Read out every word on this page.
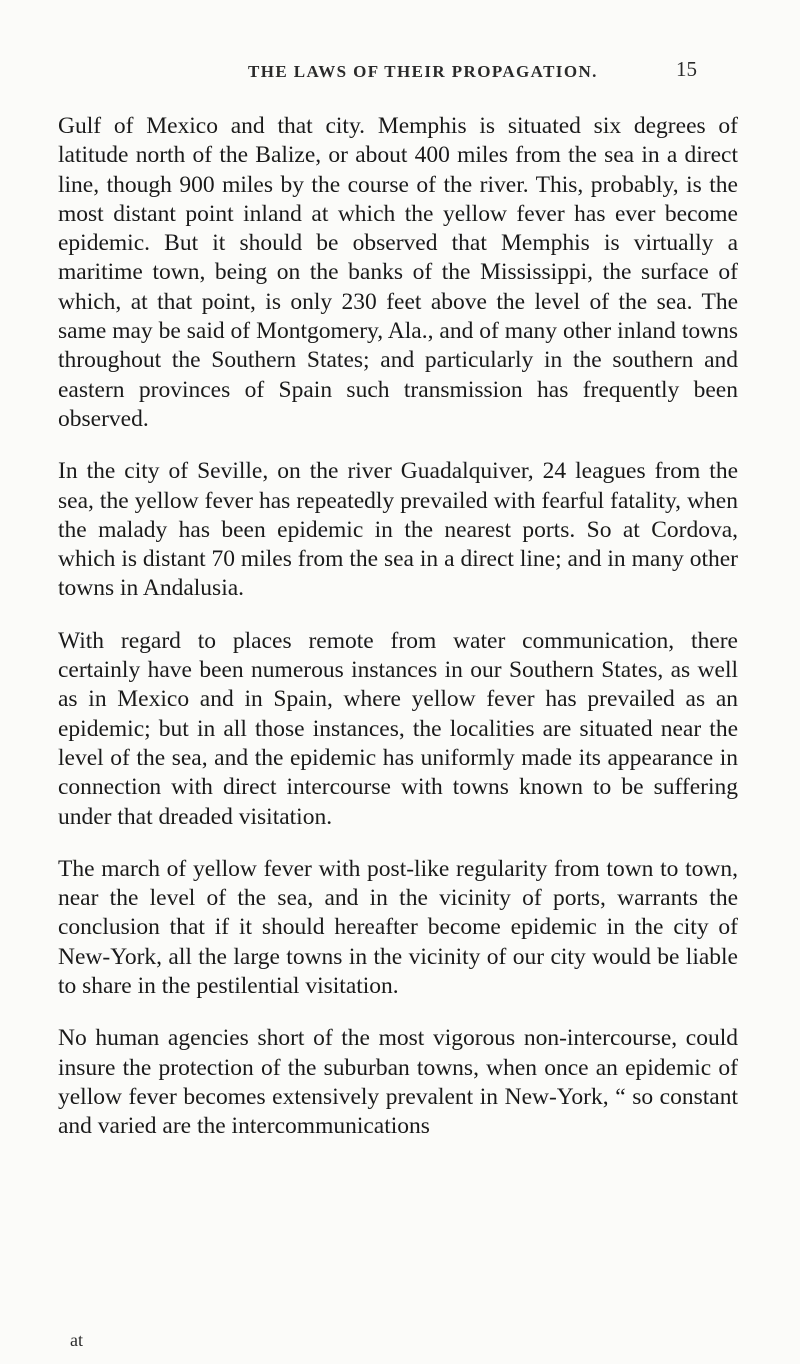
THE LAWS OF THEIR PROPAGATION.	15

Gulf of Mexico and that city. Memphis is situated six degrees of latitude north of the Balize, or about 400 miles from the sea in a direct line, though 900 miles by the course of the river. This, probably, is the most distant point inland at which the yellow fever has ever become epidemic. But it should be observed that Memphis is virtually a maritime town, being on the banks of the Mississippi, the surface of which, at that point, is only 230 feet above the level of the sea. The same may be said of Montgomery, Ala., and of many other inland towns throughout the Southern States; and particularly in the southern and eastern provinces of Spain such transmission has frequently been observed.

In the city of Seville, on the river Guadalquiver, 24 leagues from the sea, the yellow fever has repeatedly prevailed with fearful fatality, when the malady has been epidemic in the nearest ports. So at Cordova, which is distant 70 miles from the sea in a direct line; and in many other towns in Andalusia.

With regard to places remote from water communication, there certainly have been numerous instances in our Southern States, as well as in Mexico and in Spain, where yellow fever has prevailed as an epidemic; but in all those instances, the localities are situated near the level of the sea, and the epidemic has uniformly made its appearance in connection with direct intercourse with towns known to be suffering under that dreaded visitation.

The march of yellow fever with post-like regularity from town to town, near the level of the sea, and in the vicinity of ports, warrants the conclusion that if it should hereafter become epidemic in the city of New-York, all the large towns in the vicinity of our city would be liable to share in the pestilential visitation.

No human agencies short of the most vigorous non-intercourse, could insure the protection of the suburban towns, when once an epidemic of yellow fever becomes extensively prevalent in New-York, “ so constant and varied are the intercommunications

at
